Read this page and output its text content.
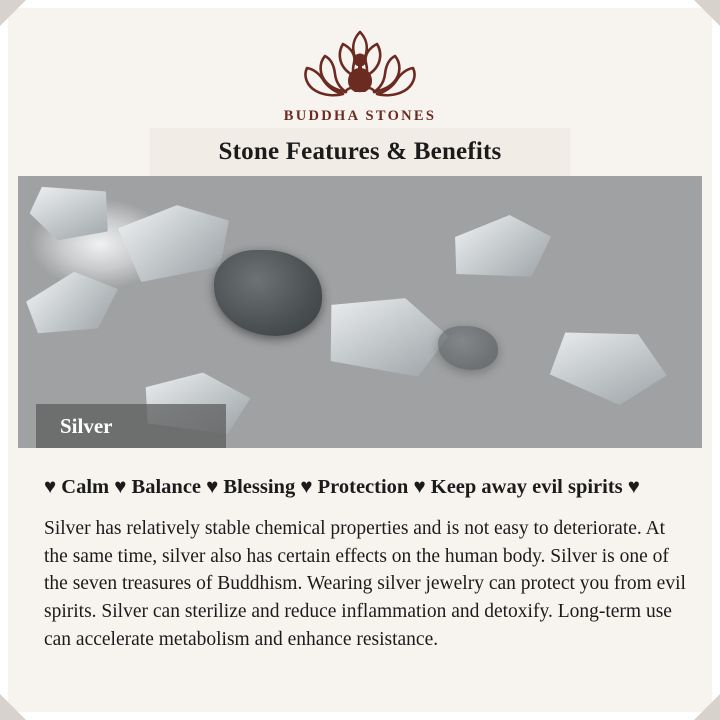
BUDDHA STONES
Stone Features & Benefits
Silver
♥ Calm ♥ Balance ♥ Blessing ♥ Protection ♥ Keep away evil spirits ♥

Silver has relatively stable chemical properties and is not easy to deteriorate. At the same time, silver also has certain effects on the human body. Silver is one of the seven treasures of Buddhism. Wearing silver jewelry can protect you from evil spirits. Silver can sterilize and reduce inflammation and detoxify. Long-term use can accelerate metabolism and enhance resistance.
